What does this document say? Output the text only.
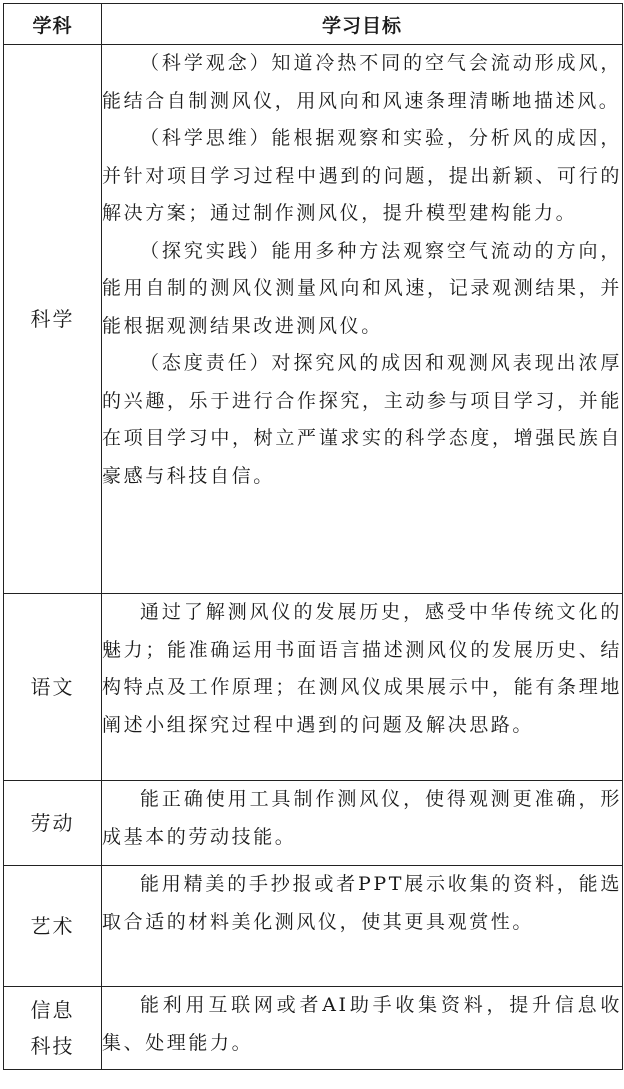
学科	学习目标
科学	（科学观念）知道冷热不同的空气会流动形成风，能结合自制测风仪，用风向和风速条理清晰地描述风。

（科学思维）能根据观察和实验，分析风的成因，并针对项目学习过程中遇到的问题，提出新颖、可行的解决方案；通过制作测风仪，提升模型建构能力。

（探究实践）能用多种方法观察空气流动的方向，能用自制的测风仪测量风向和风速，记录观测结果，并能根据观测结果改进测风仪。

（态度责任）对探究风的成因和观测风表现出浓厚的兴趣，乐于进行合作探究，主动参与项目学习，并能在项目学习中，树立严谨求实的科学态度，增强民族自豪感与科技自信。

语文	通过了解测风仪的发展历史，感受中华传统文化的魅力；能准确运用书面语言描述测风仪的发展历史、结构特点及工作原理；在测风仪成果展示中，能有条理地阐述小组探究过程中遇到的问题及解决思路。

劳动	能正确使用工具制作测风仪，使得观测更准确，形成基本的劳动技能。

艺术	能用精美的手抄报或者PPT展示收集的资料，能选取合适的材料美化测风仪，使其更具观赏性。

信息
科技	能利用互联网或者AI助手收集资料，提升信息收集、处理能力。
